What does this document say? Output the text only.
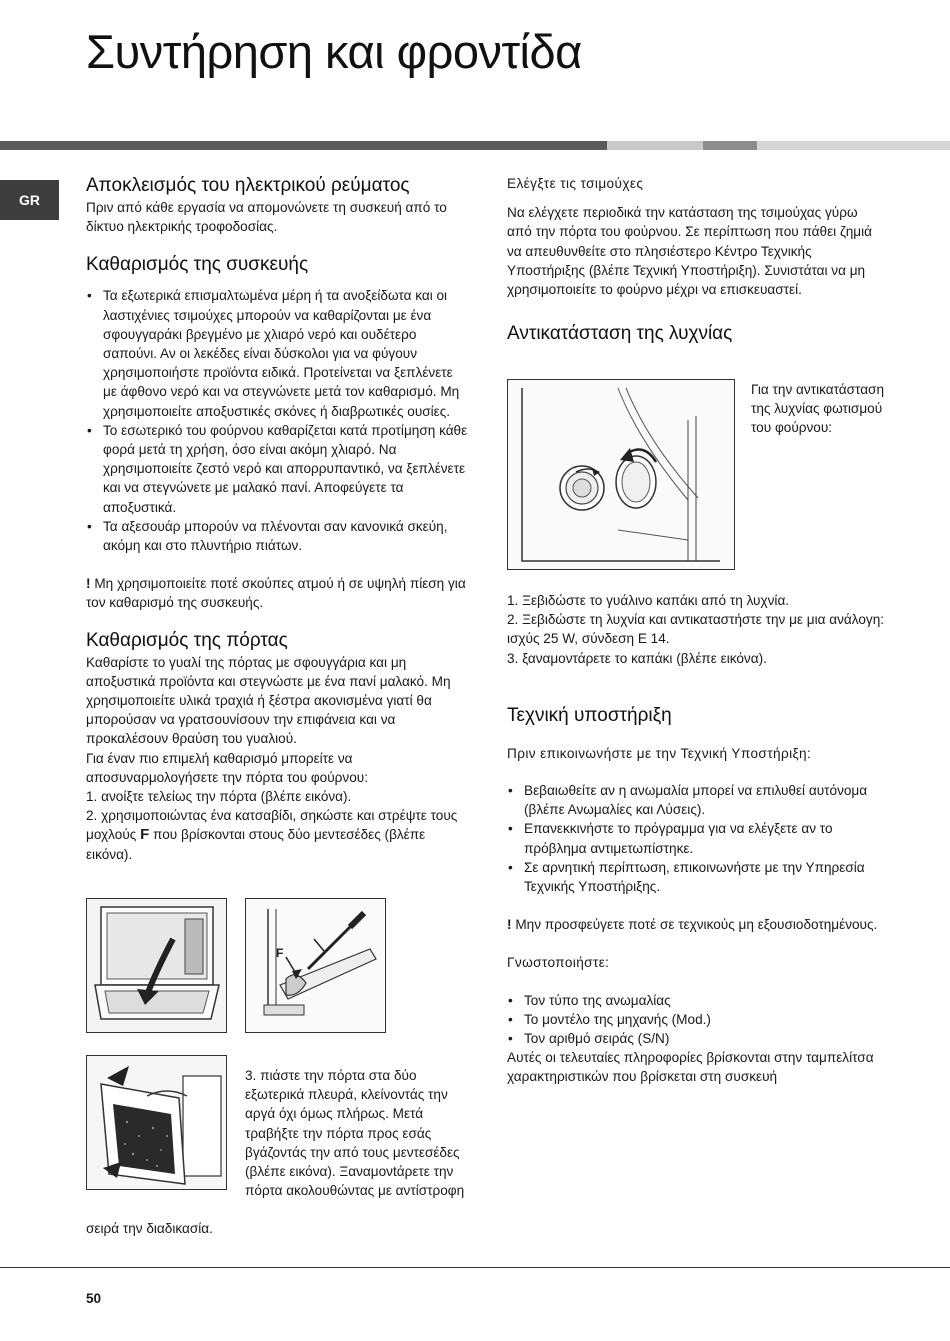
Συντήρηση και φροντίδα
GR
Αποκλεισμός του ηλεκτρικού ρεύματος

Πριν από κάθε εργασία να απομονώνετε τη συσκευή από το δίκτυο ηλεκτρικής τροφοδοσίας.

Καθαρισμός της συσκευής
• Τα εξωτερικά επισμαλτωμένα μέρη ή τα ανοξείδωτα και οι λαστιχένιες τσιμούχες μπορούν να καθαρίζονται με ένα σφουγγαράκι βρεγμένο με χλιαρό νερό και ουδέτερο σαπούνι. Αν οι λεκέδες είναι δύσκολοι για να φύγουν χρησιμοποιήστε προϊόντα ειδικά. Προτείνεται να ξεπλένετε με άφθονο νερό και να στεγνώνετε μετά τον καθαρισμό. Μη χρησιμοποιείτε αποξυστικές σκόνες ή διαβρωτικές ουσίες.
• Το εσωτερικό του φούρνου καθαρίζεται κατά προτίμηση κάθε φορά μετά τη χρήση, όσο είναι ακόμη χλιαρό. Να χρησιμοποιείτε ζεστό νερό και απορρυπαντικό, να ξεπλένετε και να στεγνώνετε με μαλακό πανί. Αποφεύγετε τα αποξυστικά.
• Τα αξεσουάρ μπορούν να πλένονται σαν κανονικά σκεύη, ακόμη και στο πλυντήριο πιάτων.

! Μη χρησιμοποιείτε ποτέ σκούπες ατμού ή σε υψηλή πίεση για τον καθαρισμό της συσκευής.

Καθαρισμός της πόρτας

Καθαρίστε το γυαλί της πόρτας με σφουγγάρια και μη αποξυστικά προϊόντα και στεγνώστε με ένα πανί μαλακό. Μη χρησιμοποιείτε υλικά τραχιά ή ξέστρα ακονισμένα γιατί θα μπορούσαν να γρατσουνίσουν την επιφάνεια και να προκαλέσουν θραύση του γυαλιού.

Για έναν πιο επιμελή καθαρισμό μπορείτε να αποσυναρμολογήσετε την πόρτα του φούρνου:

1. ανοίξτε τελείως την πόρτα (βλέπε εικόνα).

2. χρησιμοποιώντας ένα κατσαβίδι, σηκώστε και στρέψτε τους μοχλούς F που βρίσκονται στους δύο μεντεσέδες (βλέπε εικόνα).

F

3. πιάστε την πόρτα στα δύο εξωτερικά πλευρά, κλείνοντάς την αργά όχι όμως πλήρως. Μετά τραβήξτε την πόρτα προς εσάς βγάζοντάς την από τους μεντεσέδες (βλέπε εικόνα). Ξαναμονtάρετε την πόρτα ακολουθώντας με αντίστροφη

σειρά την διαδικασία.

Ελέγξτε τις τσιμούχες

Να ελέγχετε περιοδικά την κατάσταση της τσιμούχας γύρω από την πόρτα του φούρνου. Σε περίπτωση που πάθει ζημιά να απευθυνθείτε στο πλησιέστερο Κέντρο Τεχνικής Υποστήριξης (βλέπε Τεχνική Υποστήριξη). Συνιστάται να μη χρησιμοποιείτε το φούρνο μέχρι να επισκευαστεί.

Αντικατάσταση της λυχνίας

Για την αντικατάσταση της λυχνίας φωτισμού του φούρνου:

1. Ξεβιδώστε το γυάλινο καπάκι από τη λυχνία.

2. Ξεβιδώστε τη λυχνία και αντικαταστήστε την με μια ανάλογη: ισχύς 25 W, σύνδεση E 14.

3. ξαναμοντάρετε το καπάκι (βλέπε εικόνα).

Τεχνική υποστήριξη
Πριν επικοινωνήστε με την Τεχνική Υποστήριξη:
• Βεβαιωθείτε αν η ανωμαλία μπορεί να επιλυθεί αυτόνομα (βλέπε Ανωμαλίες και Λύσεις).
• Επανεκκινήστε το πρόγραμμα για να ελέγξετε αν το πρόβλημα αντιμετωπίστηκε.
• Σε αρνητική περίπτωση, επικοινωνήστε με την Υπηρεσία Τεχνικής Υποστήριξης.

! Μην προσφεύγετε ποτέ σε τεχνικούς μη εξουσιοδοτημένους.

Γνωστοποιήστε:
• Τον τύπο της ανωμαλίας
• Το μοντέλο της μηχανής (Mod.)
• Τον αριθμό σειράς (S/N)

Αυτές οι τελευταίες πληροφορίες βρίσκονται στην ταμπελίτσα χαρακτηριστικών που βρίσκεται στη συσκευή

50
